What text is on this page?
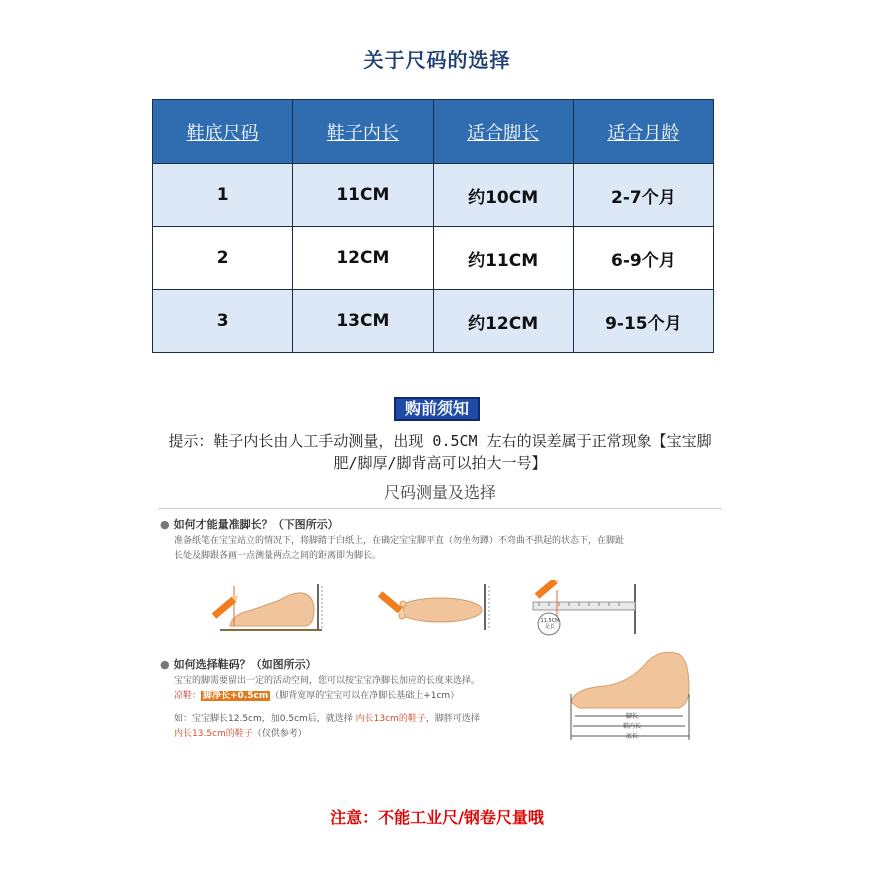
关于尺码的选择
鞋底尺码	鞋子内长	适合脚长	适合月龄
1	11CM	约10CM	2-7个月
2	12CM	约11CM	6-9个月
3	13CM	约12CM	9-15个月
购前须知
提示：鞋子内长由人工手动测量，出现 0.5CM 左右的误差属于正常现象【宝宝脚
肥/脚厚/脚背高可以拍大一号】
尺码测量及选择
● 如何才能量准脚长？（下图所示）
准备纸笔在宝宝站立的情况下，将脚踏于白纸上，在确定宝宝脚平直（勿坐勿蹲）不弯曲不拱起的状态下，在脚趾
长处及脚跟各画一点测量两点之间的距离即为脚长。
11.5CM
足长
● 如何选择鞋码？（如图所示）
宝宝的脚需要留出一定的活动空间，您可以按宝宝净脚长加应的长度来选择。
凉鞋： 脚净长+0.5cm （脚背宽厚的宝宝可以在净脚长基础上+1cm）
如：宝宝脚长12.5cm，加0.5cm后，就选择 内长13cm的鞋子，脚胖可选择
内长13.5cm的鞋子（仅供参考）
脚长
鞋内长
底长
注意：不能工业尺/钢卷尺量哦
